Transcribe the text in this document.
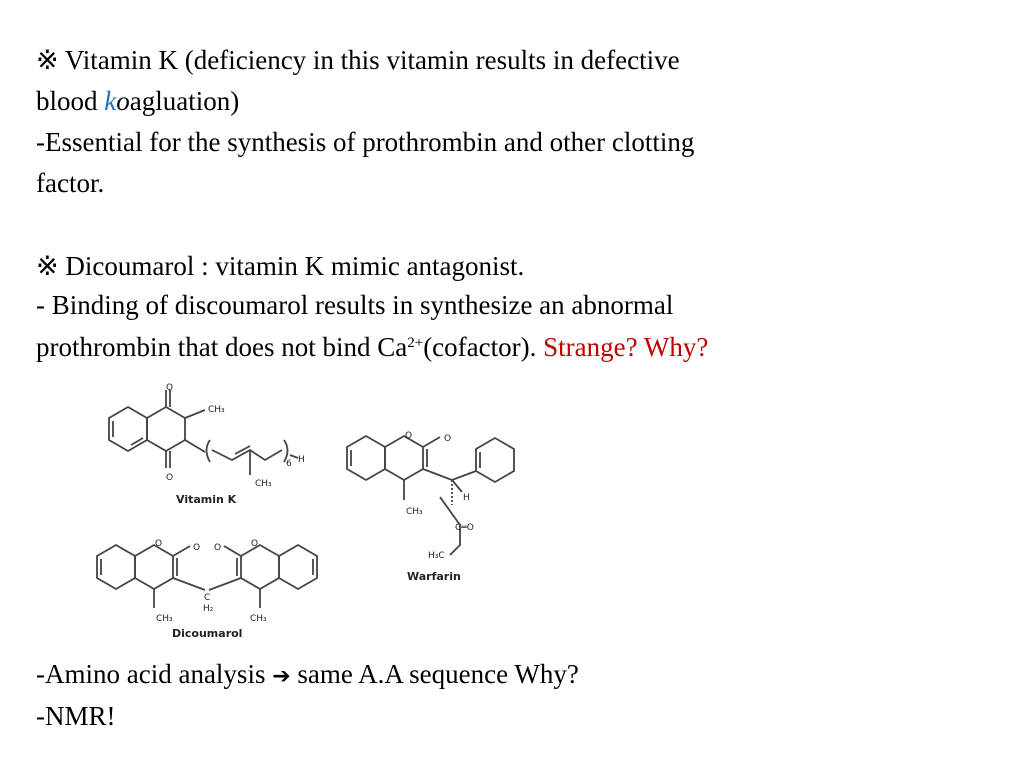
※ Vitamin K (deficiency in this vitamin results in defective
blood koagluation)
-Essential for the synthesis of prothrombin and other clotting
factor.
※ Dicoumarol : vitamin K mimic antagonist.
- Binding of discoumarol results in synthesize an abnormal
prothrombin that does not bind $Ca^{2+}(cofactor)$. Strange? Why?
O
O
CH₃
CH₃
6 H
Vitamin K
O	O
H
CH₃
C═O
H₃C
Warfarin
O	O O	O
C
H₂
CH₃	CH₃
Dicoumarol
-Amino acid analysis ➔ same A.A sequence Why?
-NMR!
